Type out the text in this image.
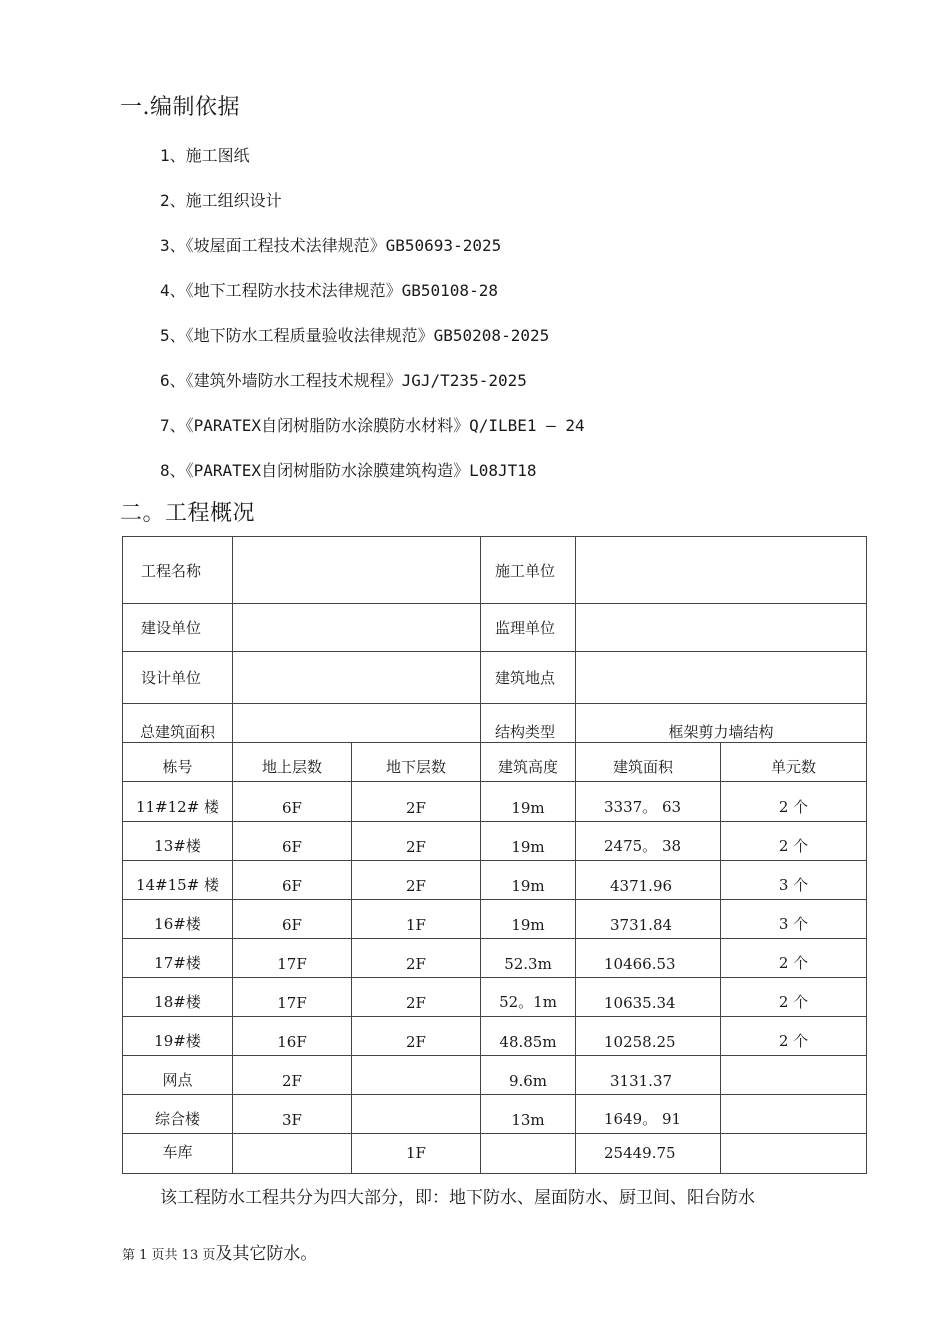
一.编制依据
1、施工图纸
2、施工组织设计
3、《坡屋面工程技术法律规范》GB50693-2025
4、《地下工程防水技术法律规范》GB50108-28
5、《地下防水工程质量验收法律规范》GB50208-2025
6、《建筑外墙防水工程技术规程》JGJ/T235-2025
7、《PARATEX自闭树脂防水涂膜防水材料》Q/ILBE1 — 24
8、《PARATEX自闭树脂防水涂膜建筑构造》L08JT18
二。工程概况
工程名称			施工单位		

建设单位			监理单位		

设计单位			建筑地点		

总建筑面积			结构类型	框架剪力墙结构	

栋号	地上层数	地下层数	建筑高度	建筑面积	单元数

11#12# 楼	6F	2F	19m	3337。 63	2 个

13#楼	6F	2F	19m	2475。 38	2 个

14#15# 楼	6F	2F	19m	4371.96	3 个

16#楼	6F	1F	19m	3731.84	3 个

17#楼	17F	2F	52.3m	10466.53	2 个

18#楼	17F	2F	52。1m	10635.34	2 个

19#楼	16F	2F	48.85m	10258.25	2 个

网点	2F		9.6m	3131.37	

综合楼	3F		13m	1649。 91	

车库		1F		25449.75	

该工程防水工程共分为四大部分，即：地下防水、屋面防水、厨卫间、阳台防水
第 1 页共 13 页及其它防水。
